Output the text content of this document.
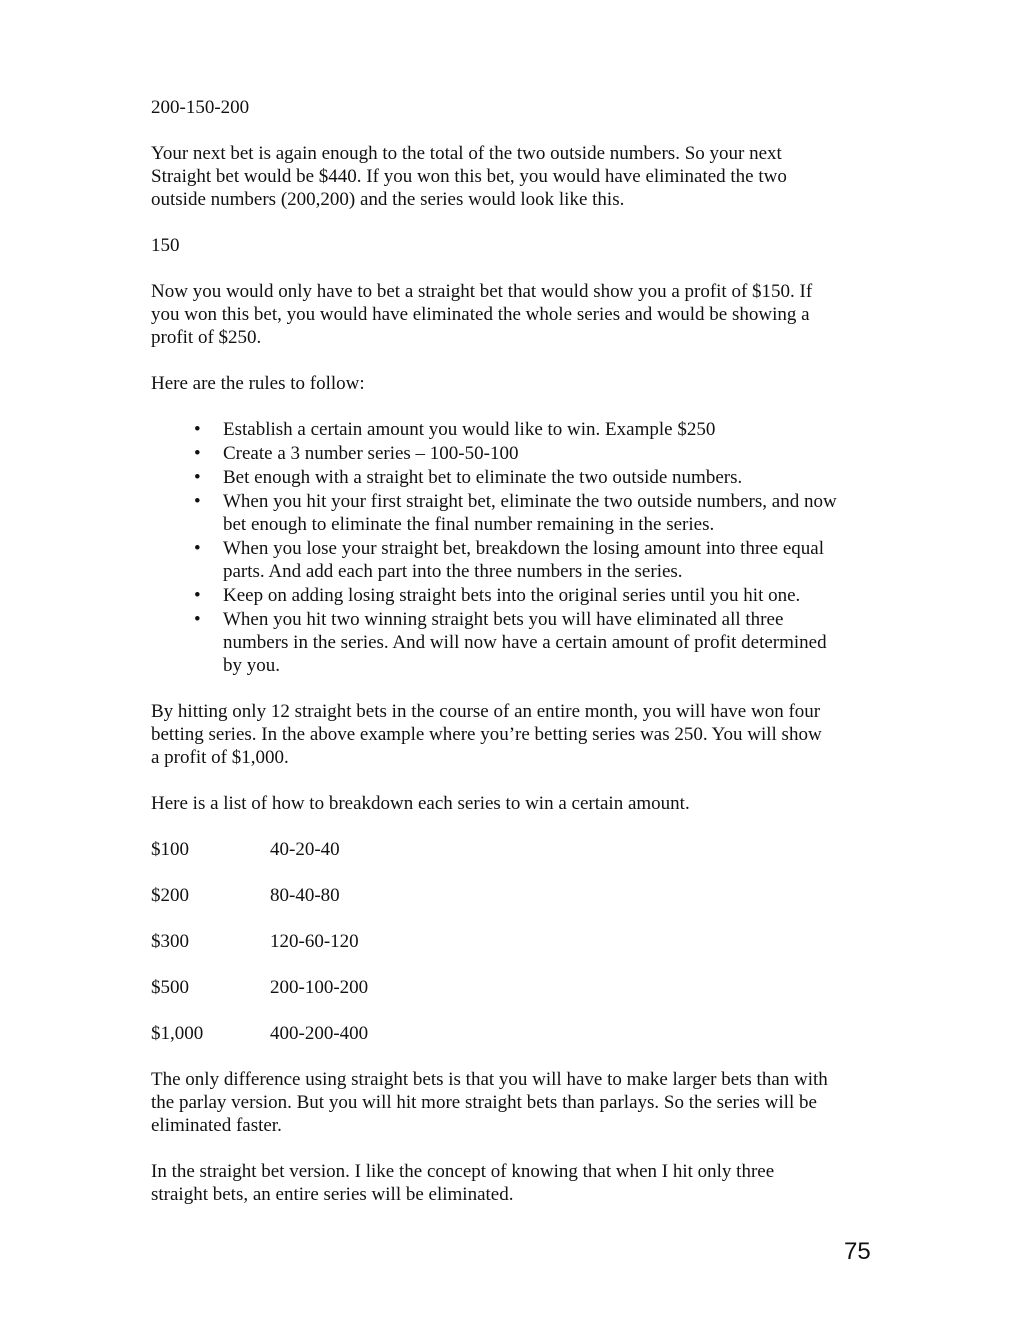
200-150-200

Your next bet is again enough to the total of the two outside numbers. So your next
Straight bet would be $440. If you won this bet, you would have eliminated the two
outside numbers (200,200) and the series would look like this.

150

Now you would only have to bet a straight bet that would show you a profit of $150. If
you won this bet, you would have eliminated the whole series and would be showing a
profit of $250.

Here are the rules to follow:

• Establish a certain amount you would like to win. Example $250
• Create a 3 number series – 100-50-100
• Bet enough with a straight bet to eliminate the two outside numbers.
• When you hit your first straight bet, eliminate the two outside numbers, and now
bet enough to eliminate the final number remaining in the series.
• When you lose your straight bet, breakdown the losing amount into three equal
parts. And add each part into the three numbers in the series.
• Keep on adding losing straight bets into the original series until you hit one.
• When you hit two winning straight bets you will have eliminated all three
numbers in the series. And will now have a certain amount of profit determined
by you.

By hitting only 12 straight bets in the course of an entire month, you will have won four
betting series. In the above example where you’re betting series was 250. You will show
a profit of $1,000.

Here is a list of how to breakdown each series to win a certain amount.

$100	40-20-40
$200	80-40-80
$300	120-60-120
$500	200-100-200
$1,000	400-200-400

The only difference using straight bets is that you will have to make larger bets than with
the parlay version. But you will hit more straight bets than parlays. So the series will be
eliminated faster.

In the straight bet version. I like the concept of knowing that when I hit only three
straight bets, an entire series will be eliminated.

75
